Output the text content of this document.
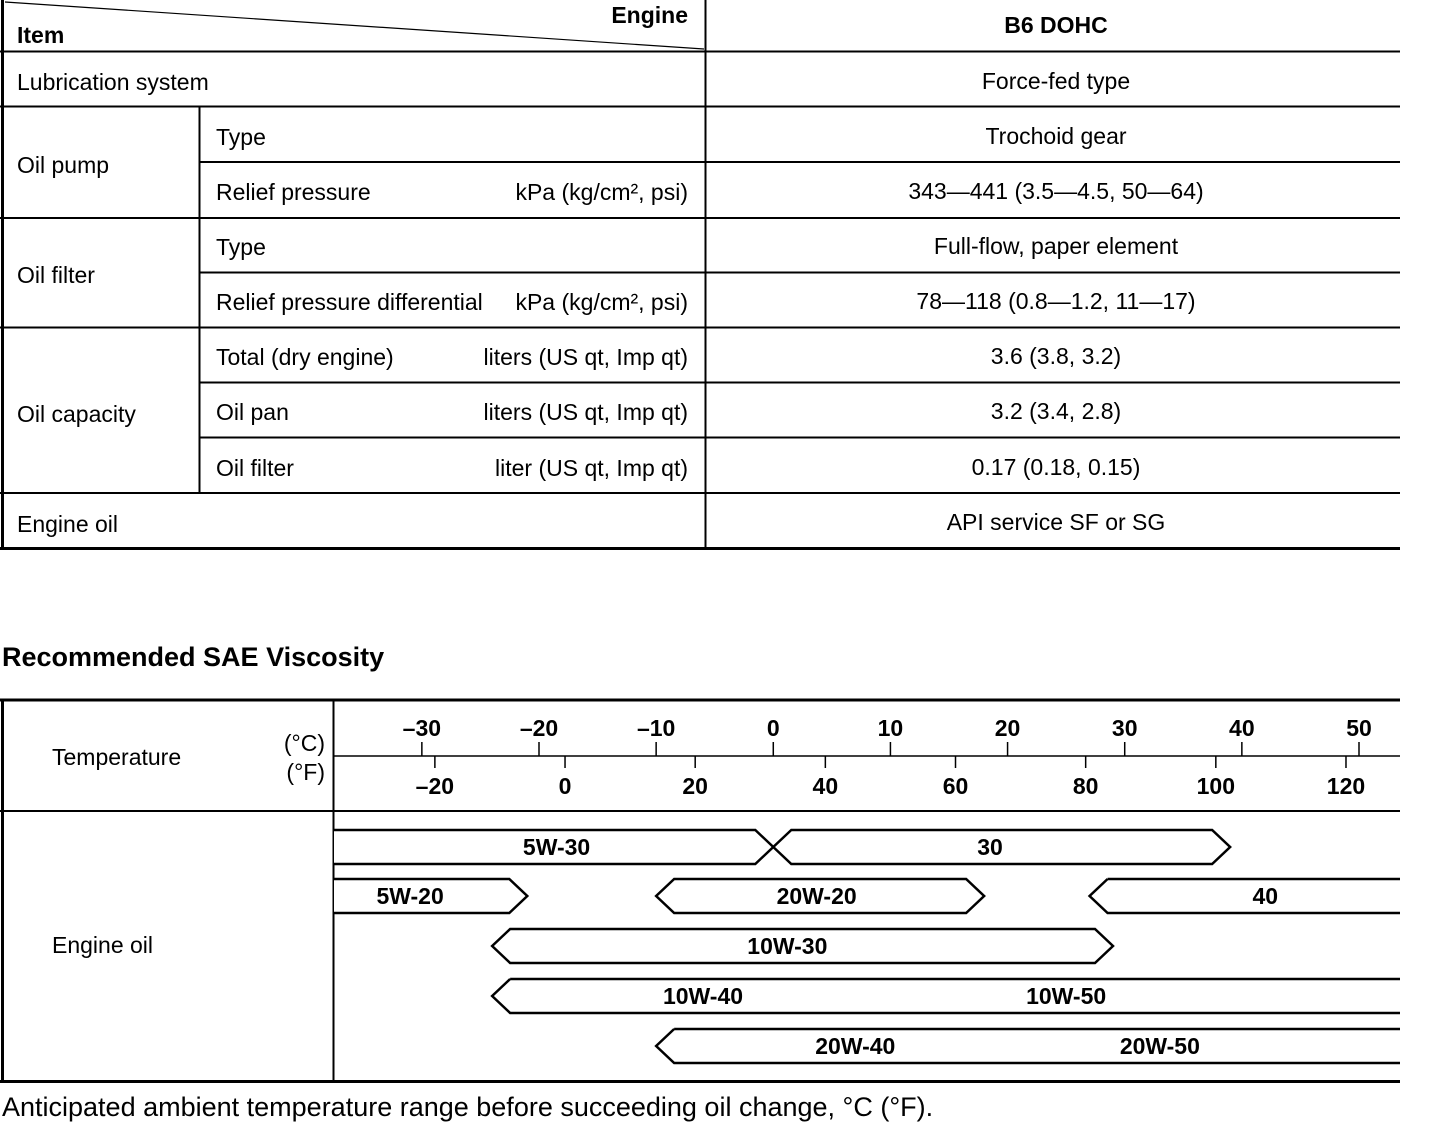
Item
Engine	B6 DOHC
Lubrication system	Force-fed type
Oil pump
Type	Trochoid gear
Relief pressure	kPa (kg/cm², psi)	343—441 (3.5—4.5, 50—64)
Oil filter
Type	Full-flow, paper element
Relief pressure differential kPa (kg/cm², psi)	78—118 (0.8—1.2, 11—17)
Oil capacity
Total (dry engine)	liters (US qt, Imp qt)	3.6 (3.8, 3.2)
Oil pan	liters (US qt, Imp qt)	3.2 (3.4, 2.8)
Oil filter	liter (US qt, Imp qt)	0.17 (0.18, 0.15)
Engine oil	API service SF or SG
Recommended SAE Viscosity
Temperature
(°C)
(°F)
Engine oil
–30	–20	–10	0	10	20	30	40	50
–20	0	20	40	60	80	100	120
5W-30	30
5W-20	20W-20	40
10W-30
10W-40	10W-50
20W-40	20W-50
Anticipated ambient temperature range before succeeding oil change, °C (°F).
